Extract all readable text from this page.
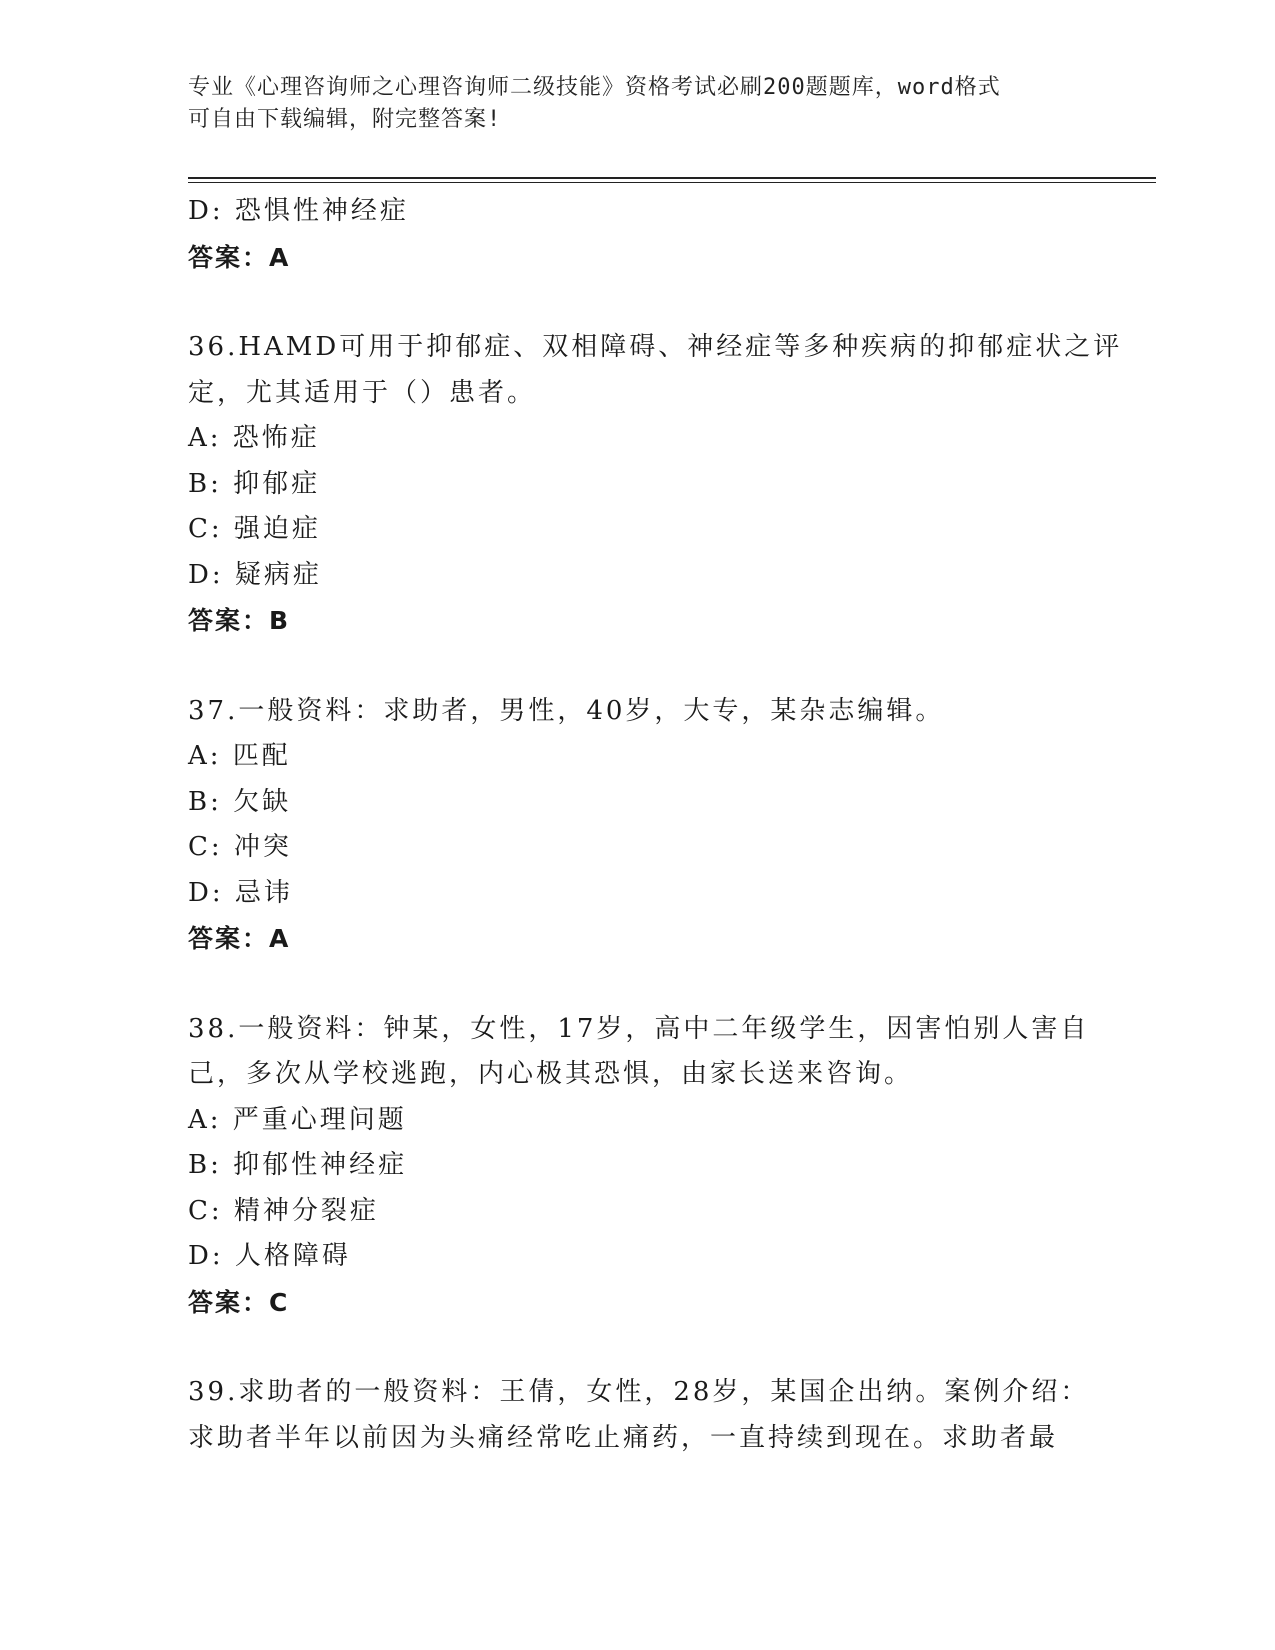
专业《心理咨询师之心理咨询师二级技能》资格考试必刷200题题库，word格式
可自由下载编辑，附完整答案!
D: 恐惧性神经症
答案：A
36.HAMD可用于抑郁症、双相障碍、神经症等多种疾病的抑郁症状之评
定，尤其适用于（）患者。
A: 恐怖症
B: 抑郁症
C: 强迫症
D: 疑病症
答案：B
37.一般资料：求助者，男性，40岁，大专，某杂志编辑。
A: 匹配
B: 欠缺
C: 冲突
D: 忌讳
答案：A
38.一般资料：钟某，女性，17岁，高中二年级学生，因害怕别人害自
己，多次从学校逃跑，内心极其恐惧，由家长送来咨询。
A: 严重心理问题
B: 抑郁性神经症
C: 精神分裂症
D: 人格障碍
答案：C
39.求助者的一般资料：王倩，女性，28岁，某国企出纳。案例介绍：
求助者半年以前因为头痛经常吃止痛药，一直持续到现在。求助者最
